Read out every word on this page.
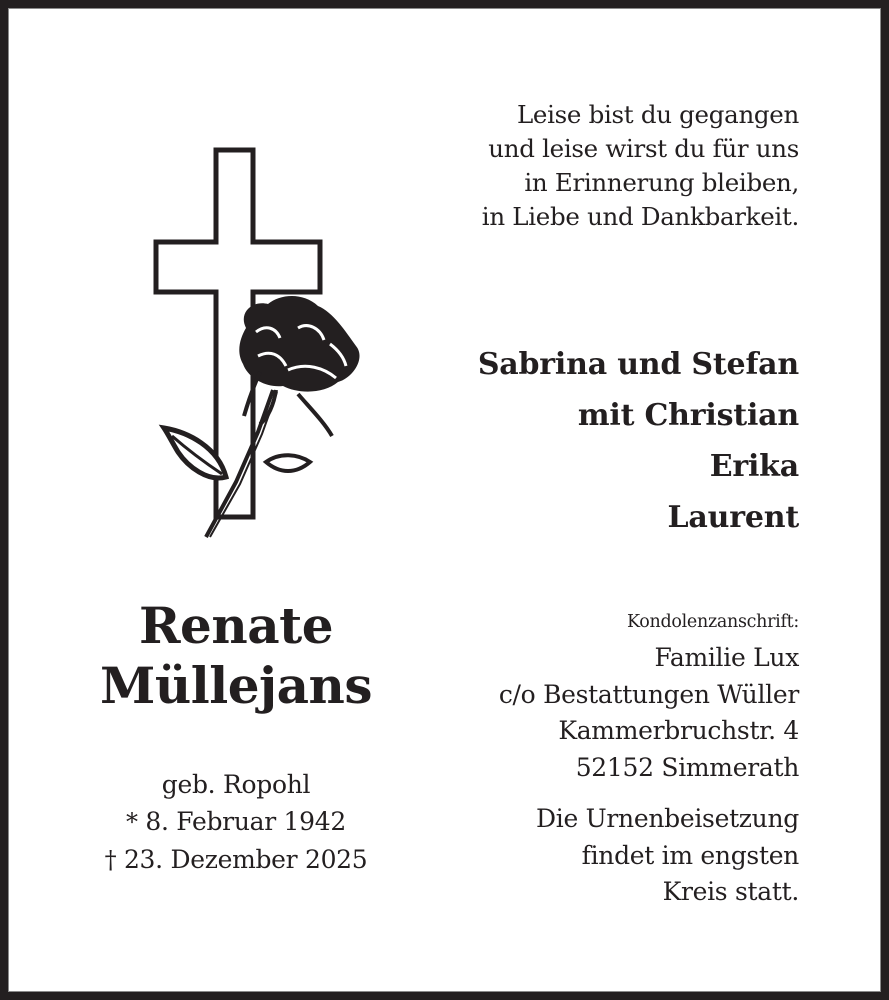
Leise bist du gegangen
und leise wirst du für uns
in Erinnerung bleiben,
in Liebe und Dankbarkeit.
Sabrina und Stefan
mit Christian
Erika
Laurent
Renate
Müllejans
geb. Ropohl
* 8. Februar 1942
† 23. Dezember 2025
Kondolenzanschrift:
Familie Lux
c/o Bestattungen Wüller
Kammerbruchstr. 4
52152 Simmerath
Die Urnenbeisetzung
findet im engsten
Kreis statt.
